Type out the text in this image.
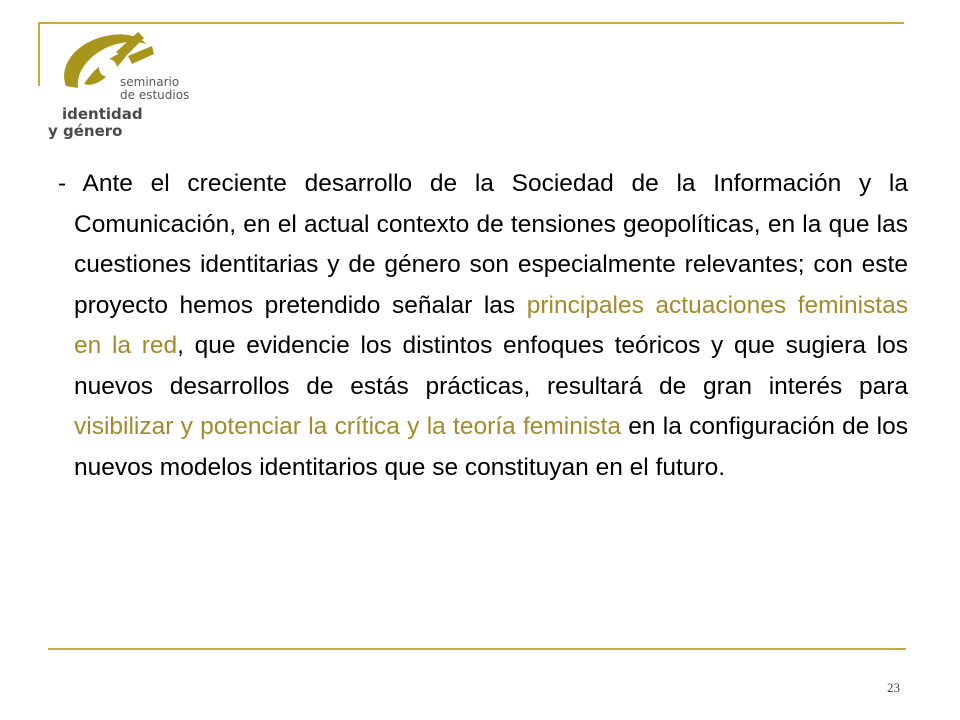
seminario
de estudios
identidad
y género

- Ante el creciente desarrollo de la Sociedad de la Información y la Comunicación, en el actual contexto de tensiones geopolíticas, en la que las cuestiones identitarias y de género son especialmente relevantes; con este proyecto hemos pretendido señalar las principales actuaciones feministas en la red, que evidencie los distintos enfoques teóricos y que sugiera los nuevos desarrollos de estás prácticas, resultará de gran interés para visibilizar y potenciar la crítica y la teoría feminista en la configuración de los nuevos modelos identitarios que se constituyan en el futuro.

23
